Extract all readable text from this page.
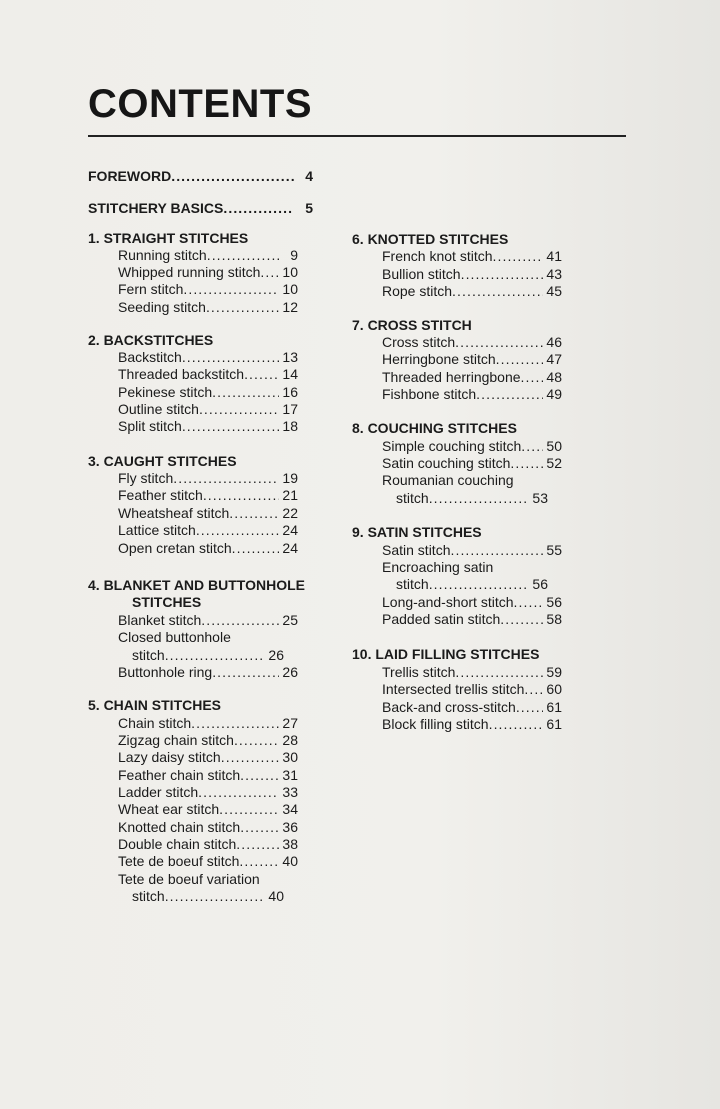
CONTENTS
FOREWORD . . .	4
STITCHERY BASICS . . .	5
1. STRAIGHT STITCHES
Running stitch . . .	9
Whipped running stitch . . . 10
Fern stitch . . .	10
Seeding stitch . . .	12
2. BACKSTITCHES
Backstitch . . .	13
Threaded backstitch . . .	14
Pekinese stitch . . .	16
Outline stitch . . .	17
Split stitch . . .	18
3. CAUGHT STITCHES
Fly stitch . . .	19
Feather stitch . . .	21
Wheatsheaf stitch . . .	22
Lattice stitch . . .	24
Open cretan stitch . . .	24
4. BLANKET AND BUTTONHOLE
STITCHES
Blanket stitch . . .	25
Closed buttonhole
stitch . . .	26
Buttonhole ring . . .	26
5. CHAIN STITCHES
Chain stitch . . .	27
Zigzag chain stitch . . .	28
Lazy daisy stitch . . .	30
Feather chain stitch . . .	31
Ladder stitch . . .	33
Wheat ear stitch . . .	34
Knotted chain stitch . . .	36
Double chain stitch . . .	38
Tete de boeuf stitch . . .	40
Tete de boeuf variation
stitch . . .	40
6. KNOTTED STITCHES
French knot stitch . . .	41
Bullion stitch . . .	43
Rope stitch . . .	45
7. CROSS STITCH
Cross stitch . . .	46
Herringbone stitch . . .	47
Threaded herringbone . . . 48
Fishbone stitch . . .	49
8. COUCHING STITCHES
Simple couching stitch . . . 50
Satin couching stitch . . .	52
Roumanian couching
stitch . . .	53
9. SATIN STITCHES
Satin stitch . . .	55
Encroaching satin
stitch . . .	56
Long-and-short stitch . . . 56
Padded satin stitch . . .	58
10. LAID FILLING STITCHES
Trellis stitch . . .	59
Intersected trellis stitch . . . 60
Back-and cross-stitch . . . 61
Block filling stitch . . .	61
